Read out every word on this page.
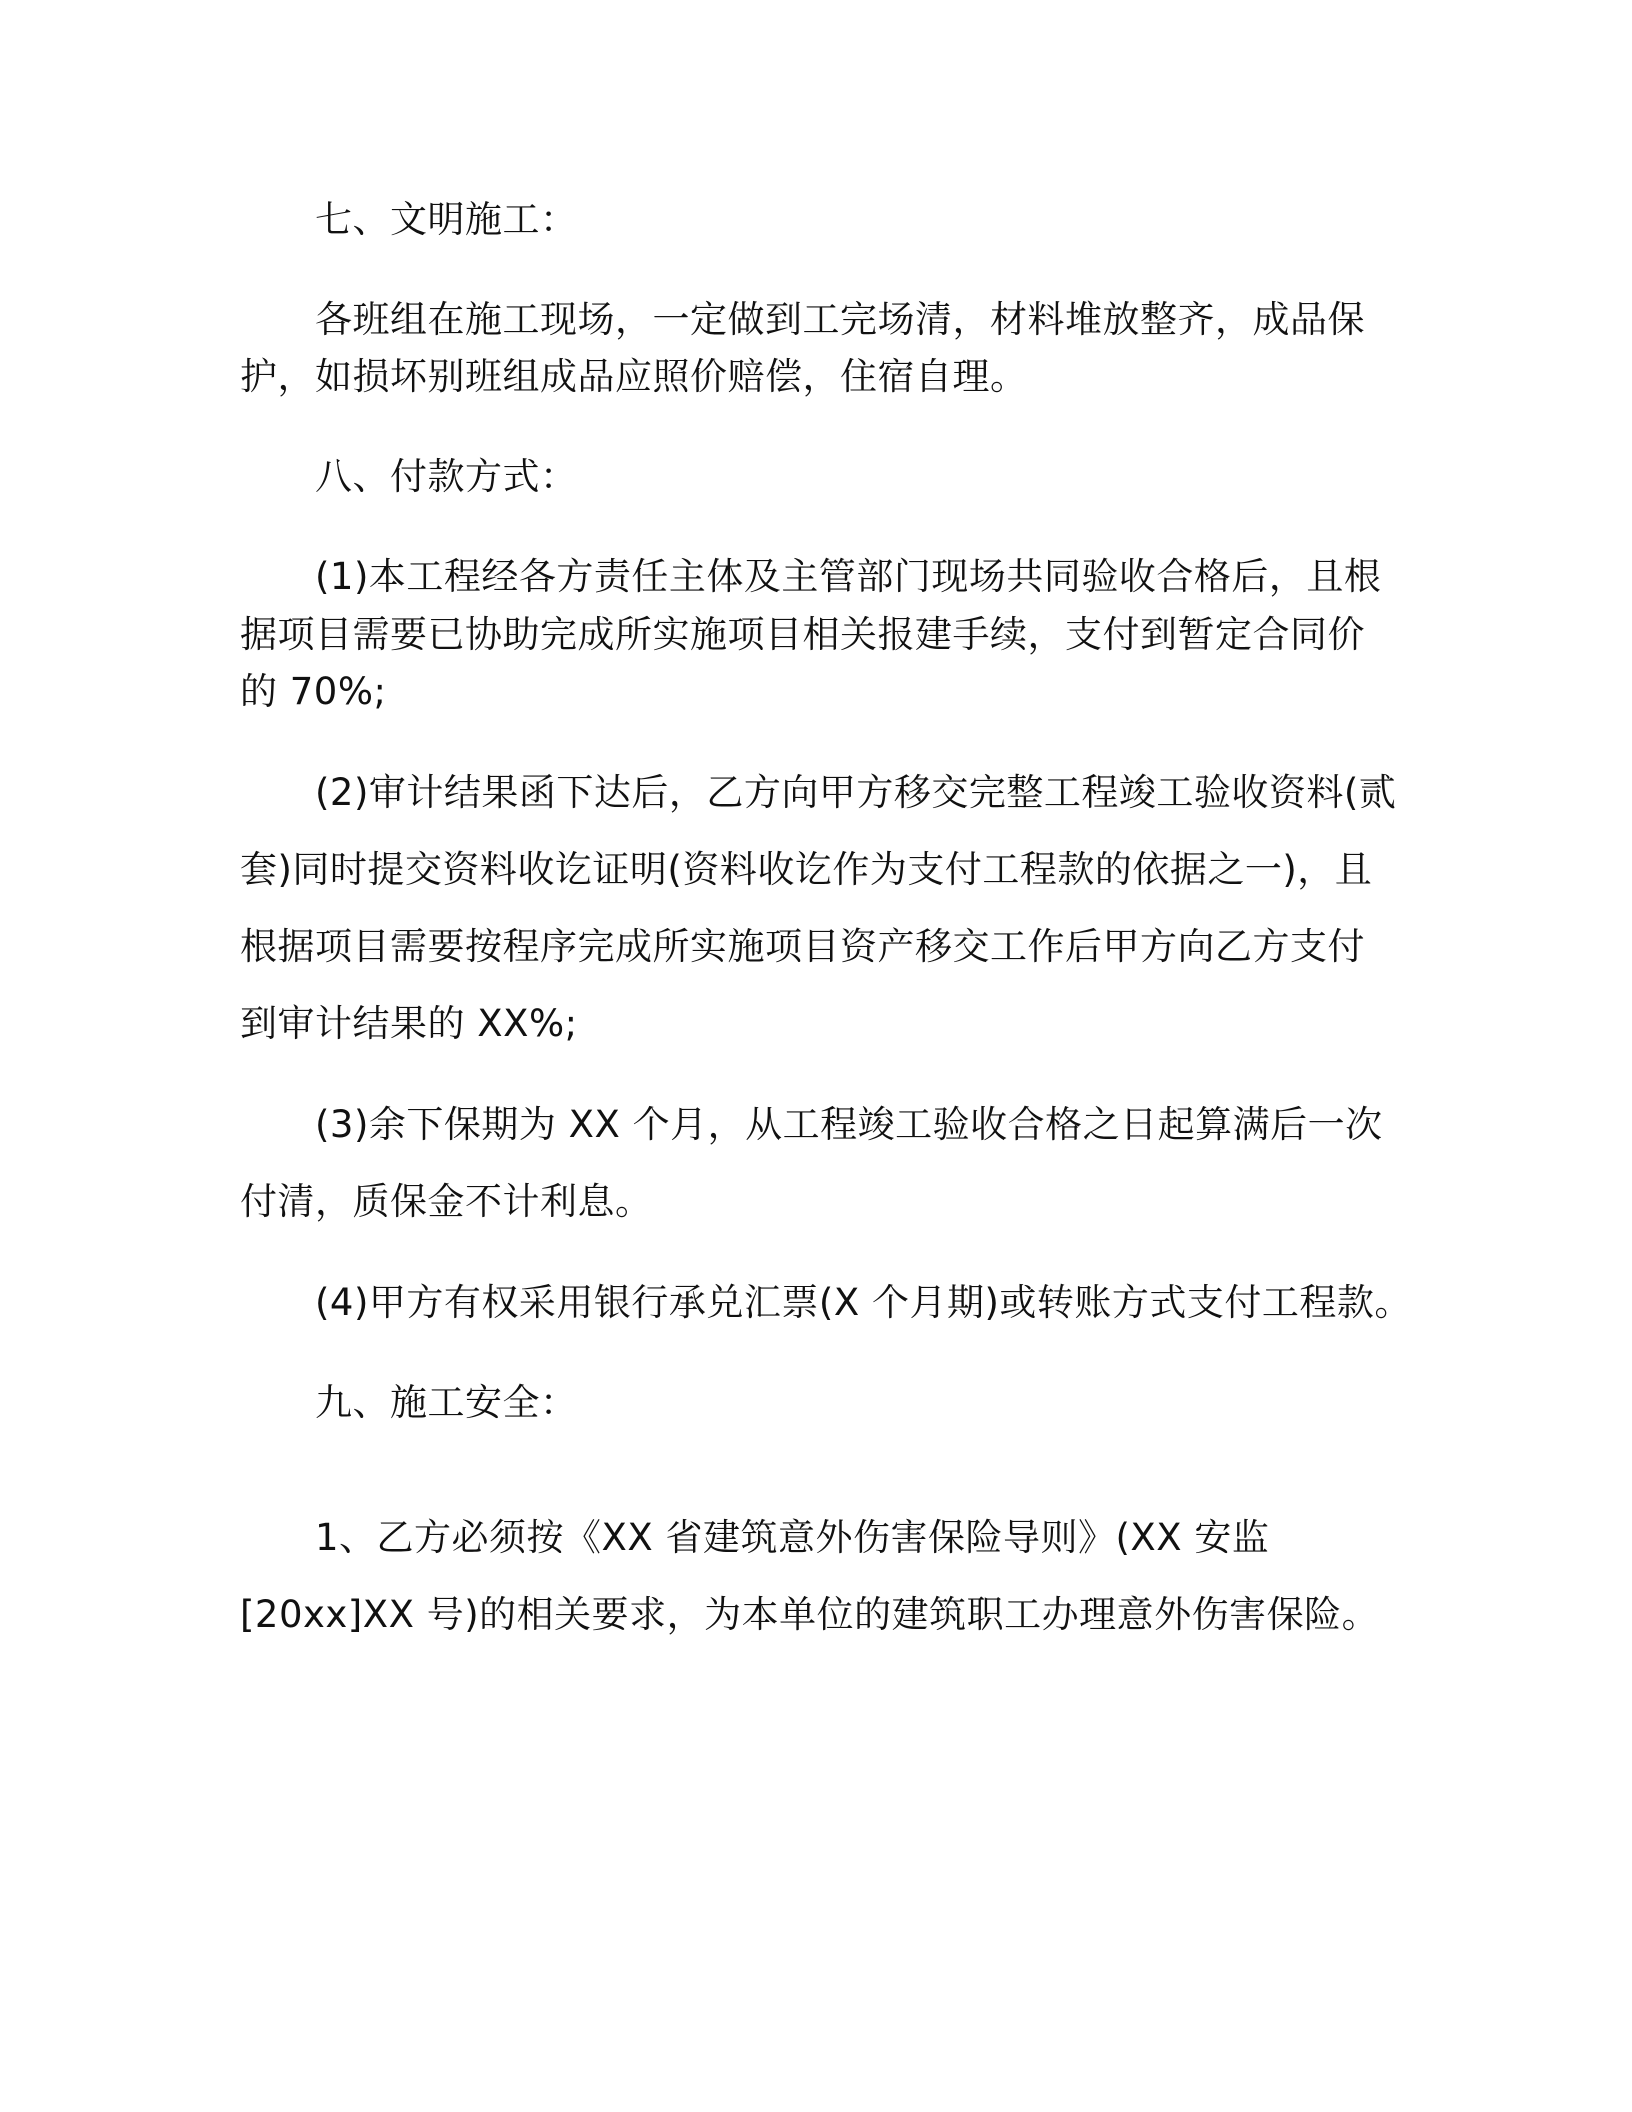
七、文明施工：
各班组在施工现场，一定做到工完场清，材料堆放整齐，成品保
护，如损坏别班组成品应照价赔偿，住宿自理。
八、付款方式：
(1)本工程经各方责任主体及主管部门现场共同验收合格后，且根
据项目需要已协助完成所实施项目相关报建手续，支付到暂定合同价
的 70%;
(2)审计结果函下达后，乙方向甲方移交完整工程竣工验收资料(贰
套)同时提交资料收讫证明(资料收讫作为支付工程款的依据之一)，且
根据项目需要按程序完成所实施项目资产移交工作后甲方向乙方支付
到审计结果的 XX%;
(3)余下保期为 XX 个月，从工程竣工验收合格之日起算满后一次
付清，质保金不计利息。
(4)甲方有权采用银行承兑汇票(X 个月期)或转账方式支付工程款。
九、施工安全：
1、乙方必须按《XX 省建筑意外伤害保险导则》(XX 安监
[20xx]XX 号)的相关要求，为本单位的建筑职工办理意外伤害保险。
